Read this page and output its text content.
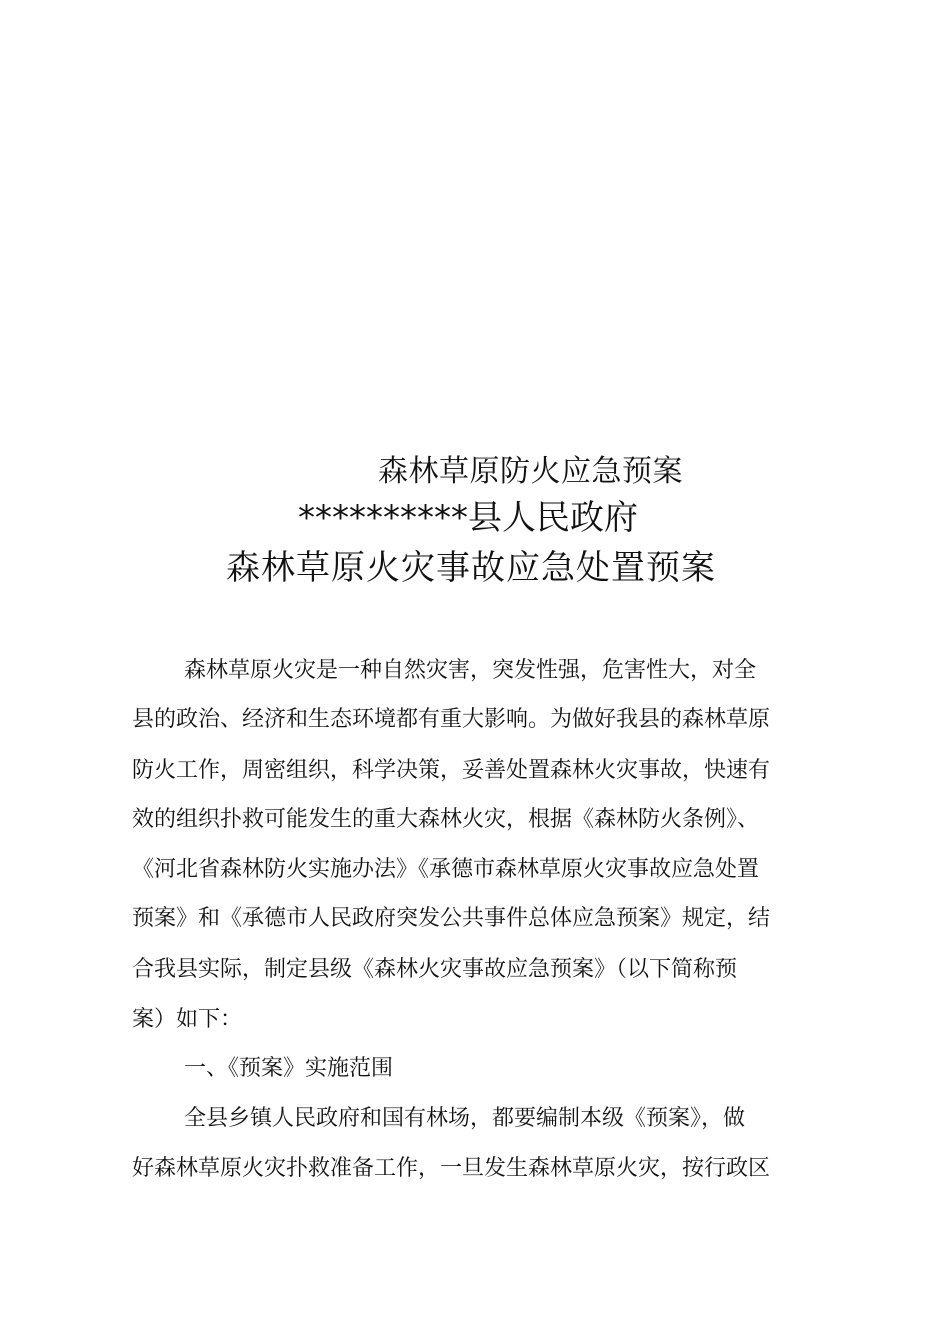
森林草原防火应急预案
**********县人民政府
森林草原火灾事故应急处置预案
森林草原火灾是一种自然灾害，突发性强，危害性大，对全
县的政治、经济和生态环境都有重大影响。为做好我县的森林草原
防火工作，周密组织，科学决策，妥善处置森林火灾事故，快速有
效的组织扑救可能发生的重大森林火灾，根据《森林防火条例》、
《河北省森林防火实施办法》《承德市森林草原火灾事故应急处置
预案》和《承德市人民政府突发公共事件总体应急预案》规定，结
合我县实际，制定县级《森林火灾事故应急预案》（以下简称预
案）如下：
一、《预案》实施范围
全县乡镇人民政府和国有林场，都要编制本级《预案》，做
好森林草原火灾扑救准备工作，一旦发生森林草原火灾，按行政区
